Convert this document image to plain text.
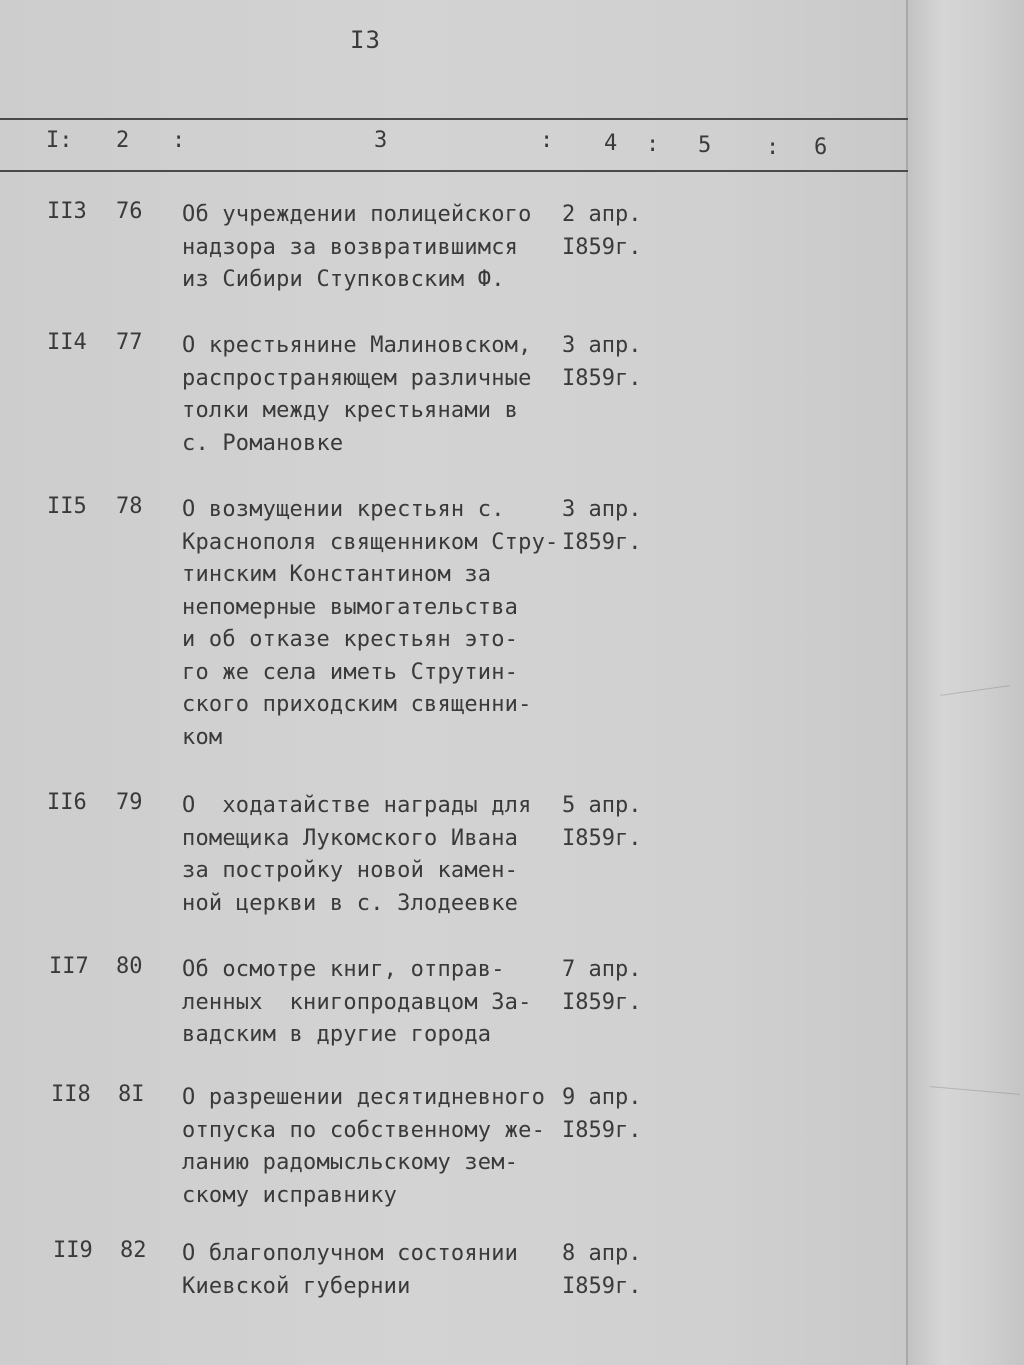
I3
I: 2 :	3	: 4 : 5 : 6
II3 76 Об учреждении полицейского
надзора за возвратившимся
из Сибири Ступковским Ф.
2 апр.
I859г.
II4 77 О крестьянине Малиновском,
распространяющем различные
толки между крестьянами в
с. Романовке
3 апр.
I859г.
II5 78 О возмущении крестьян с.
Краснополя священником Стру-
тинским Константином за
непомерные вымогательства
и об отказе крестьян это-
го же села иметь Струтин-
ского приходским священни-
ком
3 апр.
I859г.
II6 79 О  ходатайстве награды для
помещика Лукомского Ивана
за постройку новой камен-
ной церкви в с. Злодеевке
5 апр.
I859г.
II7 80 Об осмотре книг, отправ-
ленных  книгопродавцом За-
вадским в другие города
7 апр.
I859г.
II8 8I О разрешении десятидневного
отпуска по собственному же-
ланию радомысльскому зем-
скому исправнику
9 апр.
I859г.
II9 82 О благополучном состоянии
Киевской губернии
8 апр.
I859г.
